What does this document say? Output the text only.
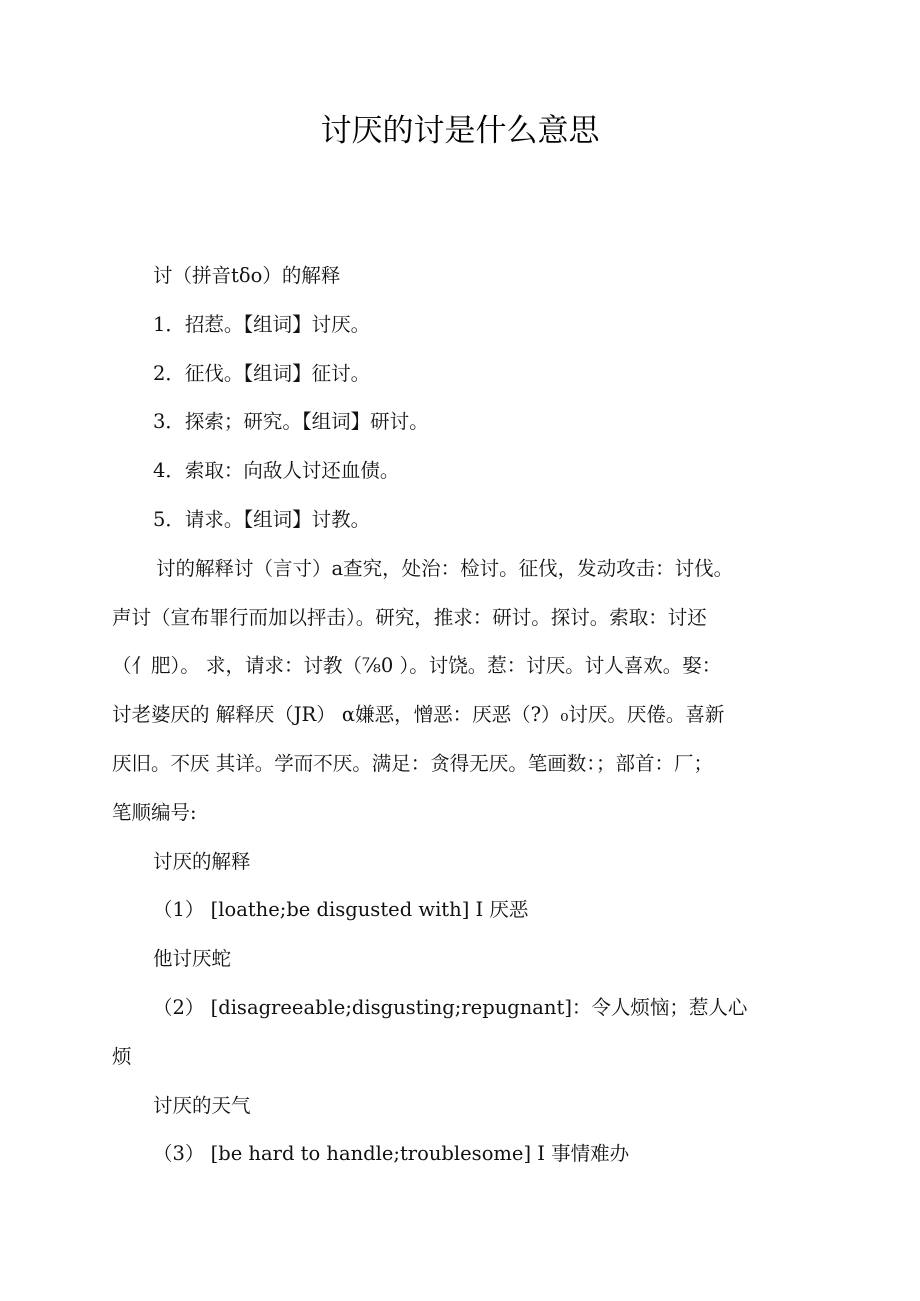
讨厌的讨是什么意思
讨（拼音tδo）的解释
1．招惹。【组词】讨厌。
2．征伐。【组词】征讨。
3．探索；研究。【组词】研讨。
4．索取：向敌人讨还血债。
5．请求。【组词】讨教。
讨的解释讨（言寸）a查究，处治：检讨。征伐，发动攻击：讨伐。
声讨（宣布罪行而加以抨击）。研究，推求：研讨。探讨。索取：讨还
（亻肥）。 求，请求：讨教（⅞0 ）。讨饶。惹：讨厌。讨人喜欢。娶：
讨老婆厌的 解释厌（JR） α嫌恶，憎恶：厌恶（?）₀讨厌。厌倦。喜新
厌旧。不厌 其详。学而不厌。满足：贪得无厌。笔画数：；部首：厂；
笔顺编号:
讨厌的解释
（1） [loathe;be disgusted with] I 厌恶
他讨厌蛇
（2） [disagreeable;disgusting;repugnant]：令人烦恼；惹人心
烦
讨厌的天气
（3） [be hard to handle;troublesome] I 事情难办
